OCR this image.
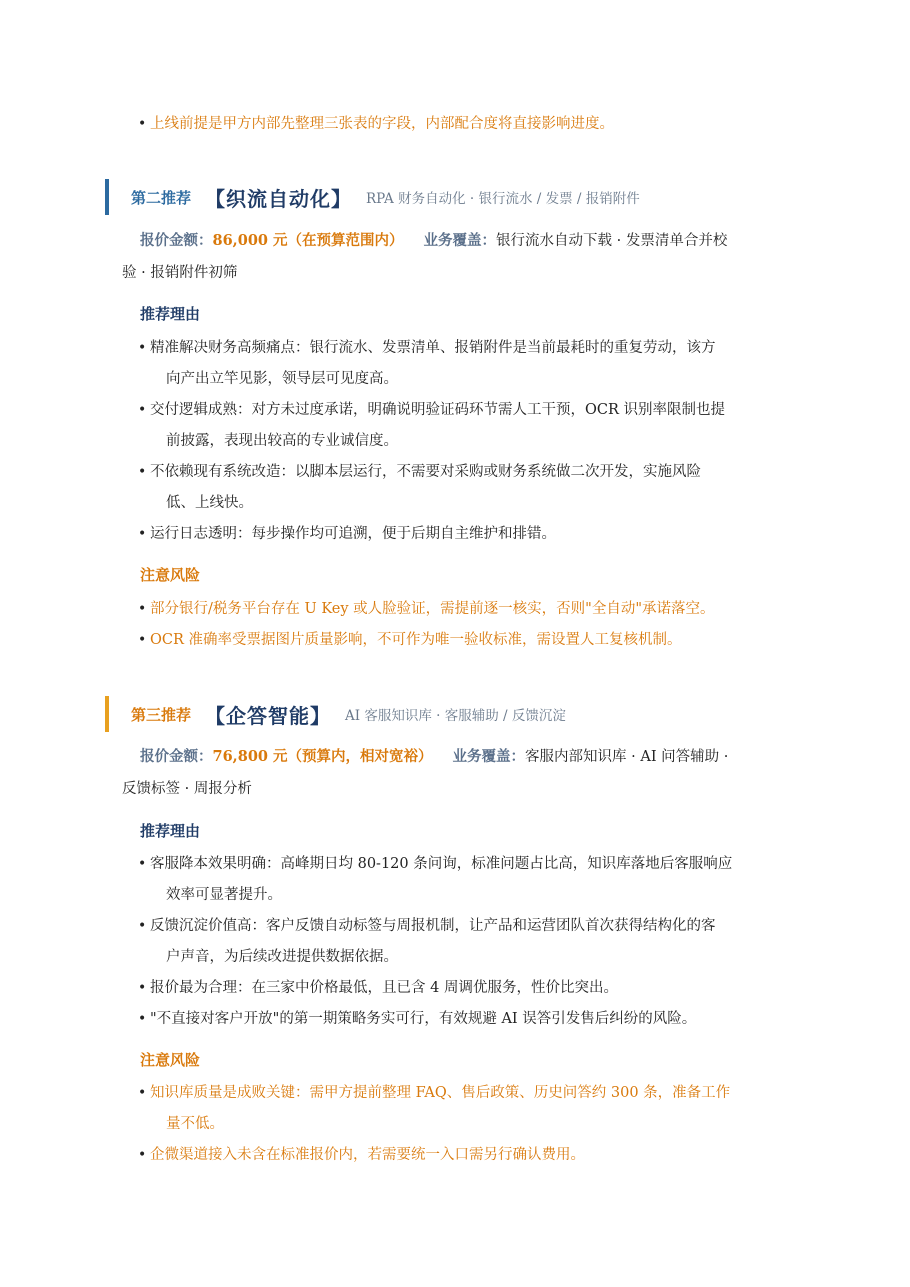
• 上线前提是甲方内部先整理三张表的字段，内部配合度将直接影响进度。
第二推荐 【织流自动化】 RPA 财务自动化 · 银行流水 / 发票 / 报销附件
报价金额：86,000 元（在预算范围内） 业务覆盖：银行流水自动下载 · 发票清单合并校
验 · 报销附件初筛
推荐理由
• 精准解决财务高频痛点：银行流水、发票清单、报销附件是当前最耗时的重复劳动，该方
向产出立竿见影，领导层可见度高。
• 交付逻辑成熟：对方未过度承诺，明确说明验证码环节需人工干预，OCR 识别率限制也提
前披露，表现出较高的专业诚信度。
• 不依赖现有系统改造：以脚本层运行，不需要对采购或财务系统做二次开发，实施风险
低、上线快。
• 运行日志透明：每步操作均可追溯，便于后期自主维护和排错。
注意风险
• 部分银行/税务平台存在 U Key 或人脸验证，需提前逐一核实，否则"全自动"承诺落空。
• OCR 准确率受票据图片质量影响，不可作为唯一验收标准，需设置人工复核机制。
第三推荐 【企答智能】 AI 客服知识库 · 客服辅助 / 反馈沉淀
报价金额：76,800 元（预算内，相对宽裕） 业务覆盖：客服内部知识库 · AI 问答辅助 ·
反馈标签 · 周报分析
推荐理由
• 客服降本效果明确：高峰期日均 80-120 条问询，标准问题占比高，知识库落地后客服响应
效率可显著提升。
• 反馈沉淀价值高：客户反馈自动标签与周报机制，让产品和运营团队首次获得结构化的客
户声音，为后续改进提供数据依据。
• 报价最为合理：在三家中价格最低，且已含 4 周调优服务，性价比突出。
• "不直接对客户开放"的第一期策略务实可行，有效规避 AI 误答引发售后纠纷的风险。
注意风险
• 知识库质量是成败关键：需甲方提前整理 FAQ、售后政策、历史问答约 300 条，准备工作
量不低。
• 企微渠道接入未含在标准报价内，若需要统一入口需另行确认费用。
